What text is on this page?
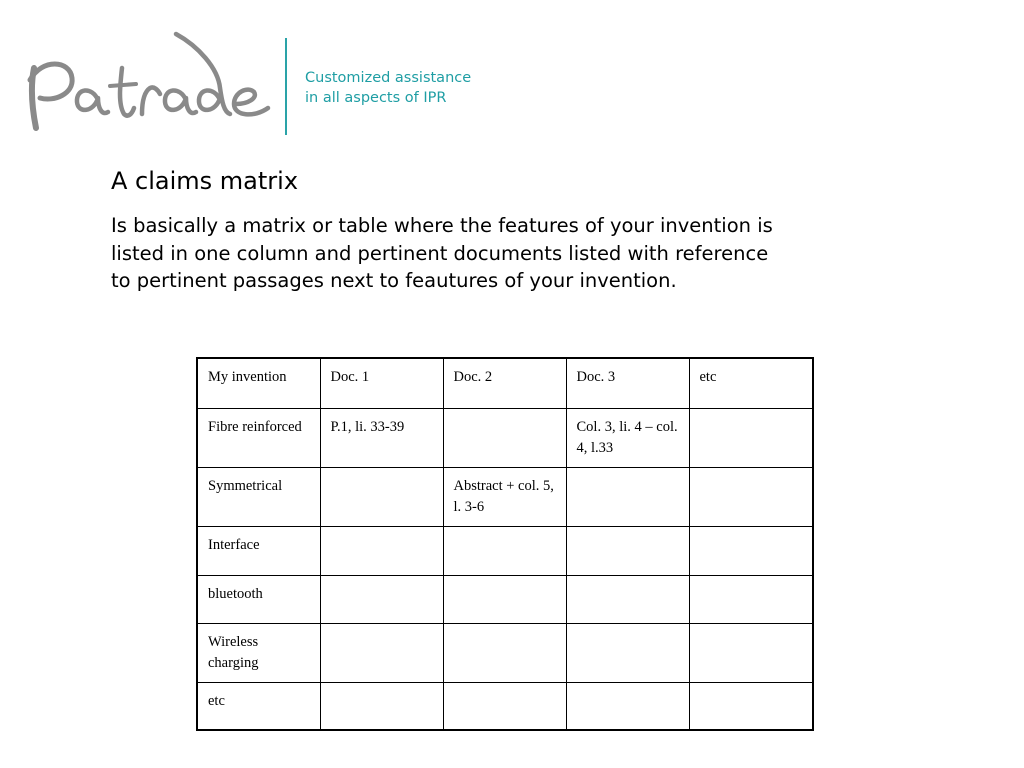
Customized assistance
in all aspects of IPR
A claims matrix

Is basically a matrix or table where the features of your invention is
listed in one column and pertinent documents listed with reference
to pertinent passages next to feautures of your invention.

My invention	Doc. 1	Doc. 2	Doc. 3	etc
Fibre reinforced	P.1, li. 33-39		Col. 3, li. 4 – col. 4, l.33	
Symmetrical		Abstract + col. 5, l. 3-6		
Interface				
bluetooth				
Wireless charging				
etc				
